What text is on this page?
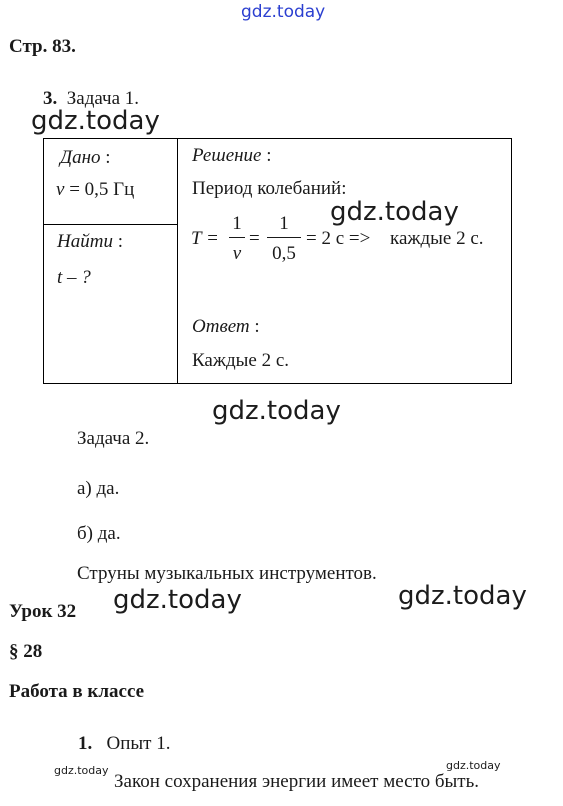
gdz.today
gdz.today
gdz.today
gdz.today
gdz.today	gdz.today
gdz.today	gdz.today
Стр. 83.
3. Задача 1.
Дано :
ν = 0,5 Гц
Найти :
t – ?
Решение :
Период колебаний:
T =
1
ν
=
1
0,5
= 2 с => каждые 2 с.
Ответ :
Каждые 2 с.
Задача 2.
а) да.
б) да.
Струны музыкальных инструментов.
Урок 32
§ 28
Работа в классе
1. Опыт 1.
Закон сохранения энергии имеет место быть.
